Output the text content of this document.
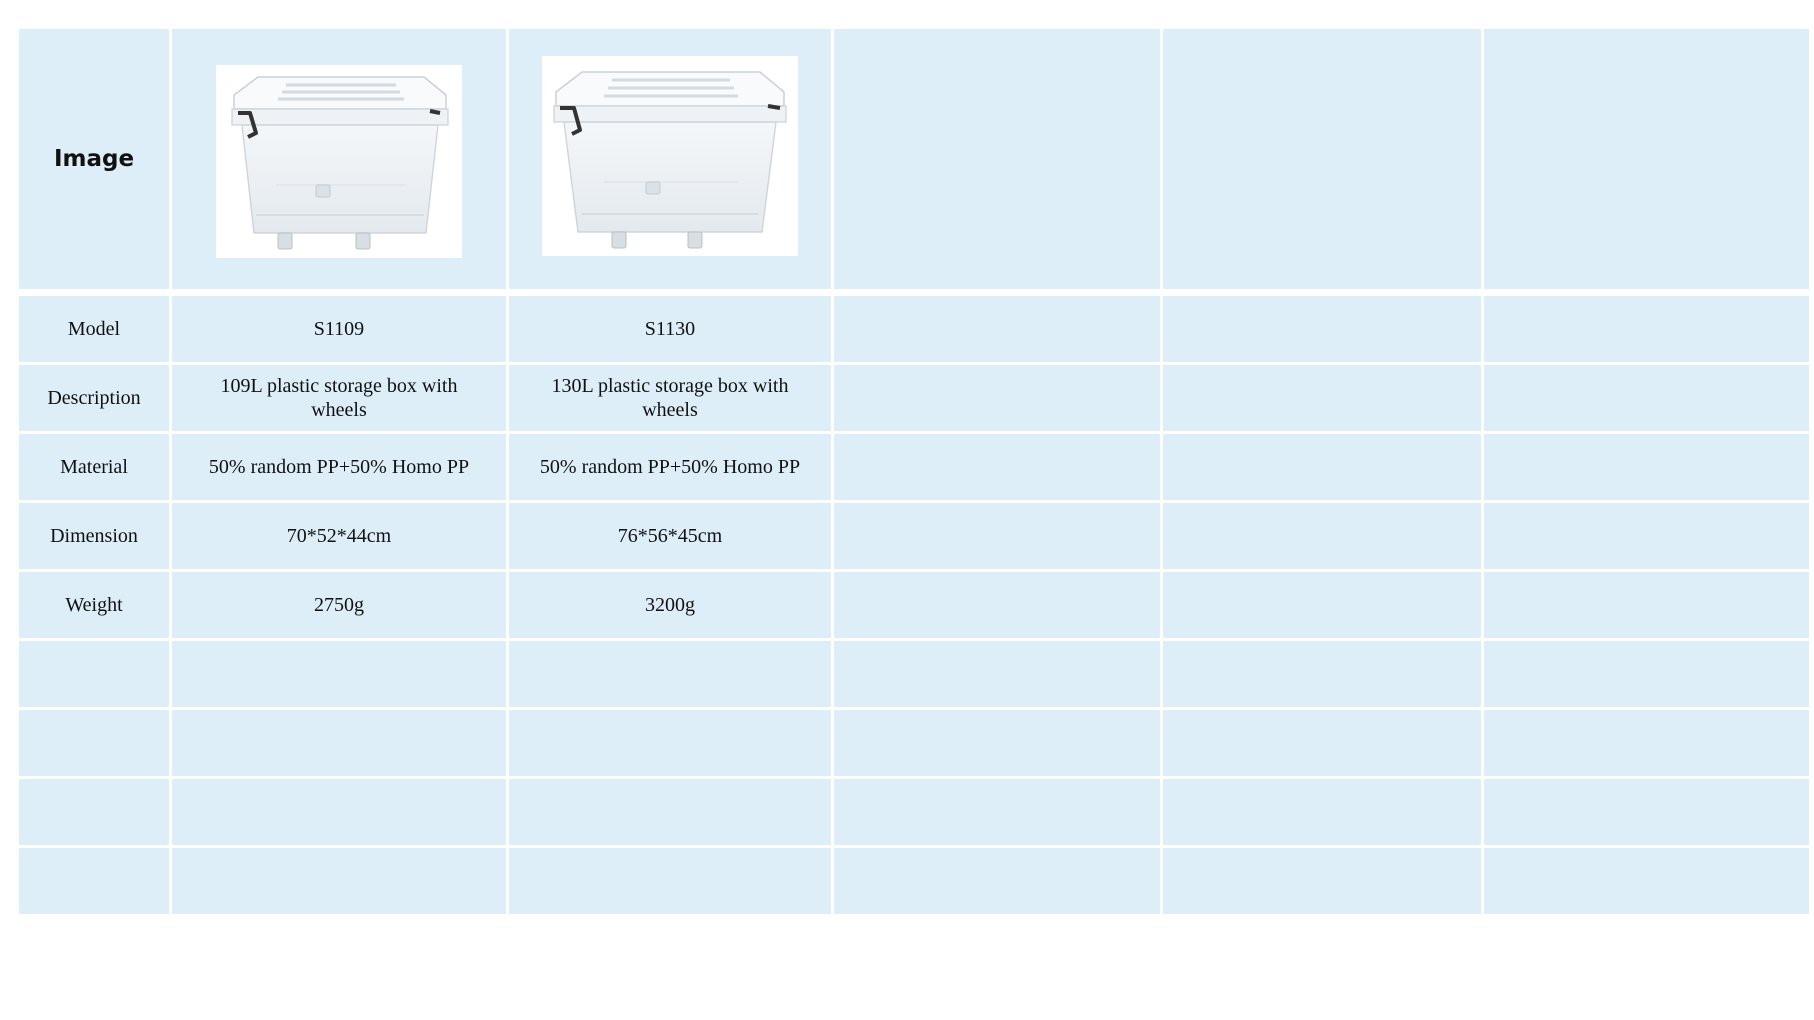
Image	

Model	S1109	S1130			
Description	109L plastic storage box with wheels	130L plastic storage box with wheels			
Material	50% random PP+50% Homo PP	50% random PP+50% Homo PP			
Dimension	70*52*44cm	76*56*45cm			
Weight	2750g	3200g			
